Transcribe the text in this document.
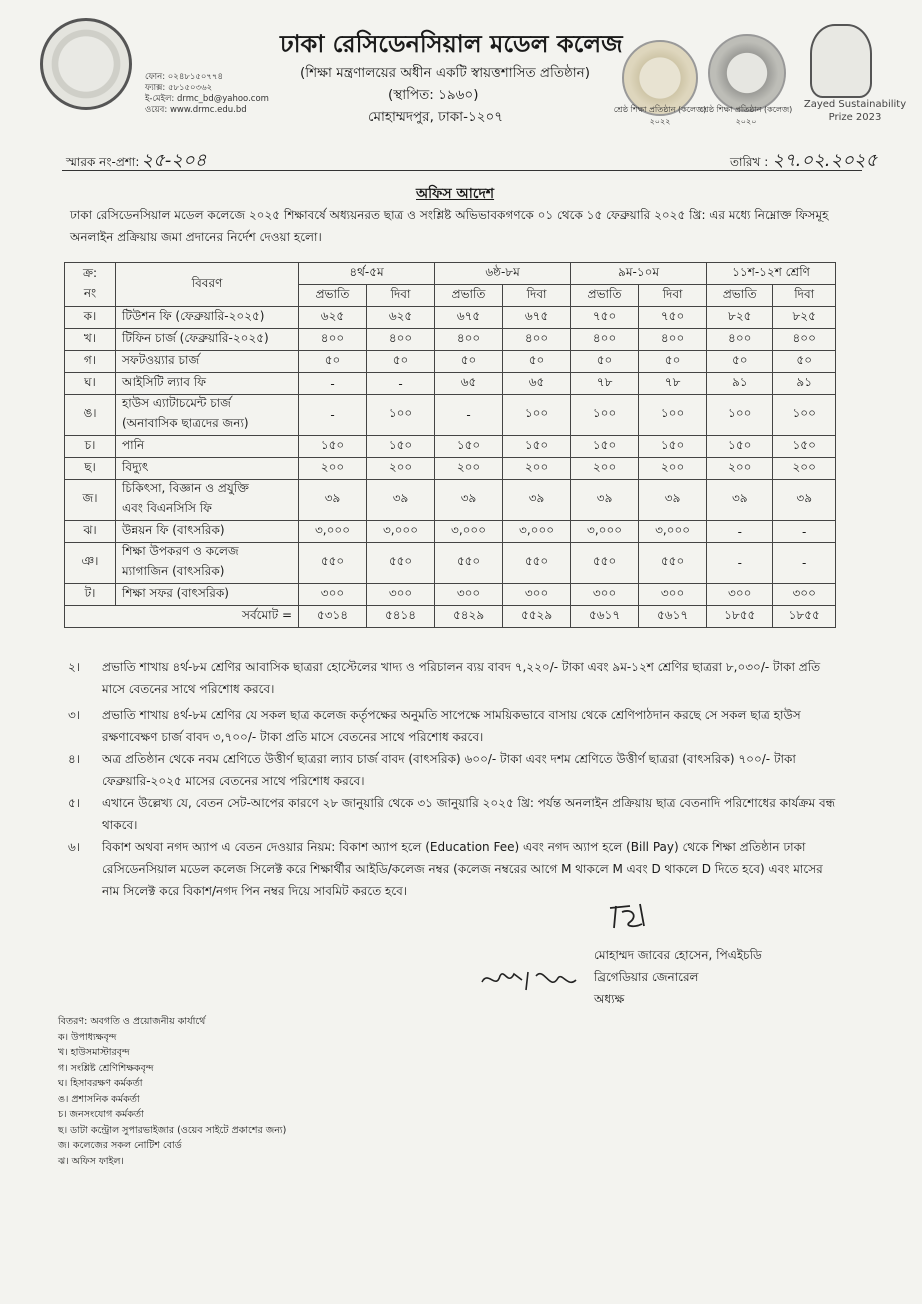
ফোন: ০২৪৮১৫০৭৭৪
ফ্যাক্স: ৫৮১৫০৩৬২
ই-মেইল: drmc_bd@yahoo.com
ওয়েব: www.drmc.edu.bd
ঢাকা রেসিডেনসিয়াল মডেল কলেজ
(শিক্ষা মন্ত্রণালয়ের অধীন একটি স্বায়ত্তশাসিত প্রতিষ্ঠান)
(স্থাপিত: ১৯৬০)
মোহাম্মদপুর, ঢাকা-১২০৭	শ্রেষ্ঠ শিক্ষা প্রতিষ্ঠান (কলেজ)
২০২২
শ্রেষ্ঠ শিক্ষা প্রতিষ্ঠান (কলেজ)
২০২০
Zayed Sustainability
Prize 2023
স্মারক নং-প্রশা: ২৫-২০৪	তারিখ : ২৭.০২.২০২৫
অফিস আদেশ
ঢাকা রেসিডেনসিয়াল মডেল কলেজে ২০২৫ শিক্ষাবর্ষে অধ্যয়নরত ছাত্র ও সংশ্লিষ্ট অভিভাবকগণকে ০১ থেকে ১৫ ফেব্রুয়ারি ২০২৫ খ্রি: এর মধ্যে নিম্নোক্ত ফিসমূহ অনলাইন প্রক্রিয়ায় জমা প্রদানের নির্দেশ দেওয়া হলো।
ক্র:
নং	বিবরণ	৪র্থ-৫ম		৬ষ্ঠ-৮ম		৯ম-১০ম		১১শ-১২শ শ্রেণি	
		প্রভাতি	দিবা	প্রভাতি	দিবা	প্রভাতি	দিবা	প্রভাতি	দিবা
ক।	টিউশন ফি (ফেব্রুয়ারি-২০২৫)	৬২৫	৬২৫	৬৭৫	৬৭৫	৭৫০	৭৫০	৮২৫	৮২৫
খ।	টিফিন চার্জ (ফেব্রুয়ারি-২০২৫)	৪০০	৪০০	৪০০	৪০০	৪০০	৪০০	৪০০	৪০০
গ।	সফটওয়্যার চার্জ	৫০	৫০	৫০	৫০	৫০	৫০	৫০	৫০
ঘ।	আইসিটি ল্যাব ফি	-	-	৬৫	৬৫	৭৮	৭৮	৯১	৯১
ঙ।	হাউস এ্যাটাচমেন্ট চার্জ
(অনাবাসিক ছাত্রদের জন্য)	-	১০০	-	১০০	১০০	১০০	১০০	১০০
চ।	পানি	১৫০	১৫০	১৫০	১৫০	১৫০	১৫০	১৫০	১৫০
ছ।	বিদ্যুৎ	২০০	২০০	২০০	২০০	২০০	২০০	২০০	২০০
জ।	চিকিৎসা, বিজ্ঞান ও প্রযুক্তি
এবং বিএনসিসি ফি	৩৯	৩৯	৩৯	৩৯	৩৯	৩৯	৩৯	৩৯
ঝ।	উন্নয়ন ফি (বাৎসরিক)	৩,০০০	৩,০০০	৩,০০০	৩,০০০	৩,০০০	৩,০০০	-	-
ঞ।	শিক্ষা উপকরণ ও কলেজ
ম্যাগাজিন (বাৎসরিক)	৫৫০	৫৫০	৫৫০	৫৫০	৫৫০	৫৫০	-	-
ট।	শিক্ষা সফর (বাৎসরিক)	৩০০	৩০০	৩০০	৩০০	৩০০	৩০০	৩০০	৩০০
সর্বমোট =		৫৩১৪	৫৪১৪	৫৪২৯	৫৫২৯	৫৬১৭	৫৬১৭	১৮৫৫	১৮৫৫
২।	প্রভাতি শাখায় ৪র্থ-৮ম শ্রেণির আবাসিক ছাত্ররা হোস্টেলের খাদ্য ও পরিচালন ব্যয় বাবদ ৭,২২০/- টাকা এবং ৯ম-১২শ শ্রেণির ছাত্ররা ৮,০৩০/- টাকা প্রতি মাসে বেতনের সাথে পরিশোধ করবে।
৩।	প্রভাতি শাখায় ৪র্থ-৮ম শ্রেণির যে সকল ছাত্র কলেজ কর্তৃপক্ষের অনুমতি সাপেক্ষে সাময়িকভাবে বাসায় থেকে শ্রেণিপাঠদান করছে সে সকল ছাত্র হাউস রক্ষণাবেক্ষণ চার্জ বাবদ ৩,৭০০/- টাকা প্রতি মাসে বেতনের সাথে পরিশোধ করবে।
৪।	অত্র প্রতিষ্ঠান থেকে নবম শ্রেণিতে উত্তীর্ণ ছাত্ররা ল্যাব চার্জ বাবদ (বাৎসরিক) ৬০০/- টাকা এবং দশম শ্রেণিতে উত্তীর্ণ ছাত্ররা (বাৎসরিক) ৭০০/- টাকা ফেব্রুয়ারি-২০২৫ মাসের বেতনের সাথে পরিশোধ করবে।
৫।	এখানে উল্লেখ্য যে, বেতন সেট-আপের কারণে ২৮ জানুয়ারি থেকে ৩১ জানুয়ারি ২০২৫ খ্রি: পর্যন্ত অনলাইন প্রক্রিয়ায় ছাত্র বেতনাদি পরিশোধের কার্যক্রম বন্ধ থাকবে।
৬।	বিকাশ অথবা নগদ অ্যাপ এ বেতন দেওয়ার নিয়ম: বিকাশ অ্যাপ হলে (Education Fee) এবং নগদ অ্যাপ হলে (Bill Pay) থেকে শিক্ষা প্রতিষ্ঠান ঢাকা রেসিডেনসিয়াল মডেল কলেজ সিলেক্ট করে শিক্ষার্থীর আইডি/কলেজ নম্বর (কলেজ নম্বরের আগে M থাকলে M এবং D থাকলে D দিতে হবে) এবং মাসের নাম সিলেক্ট করে বিকাশ/নগদ পিন নম্বর দিয়ে সাবমিট করতে হবে।
মোহাম্মদ জাবের হোসেন, পিএইচডি
ব্রিগেডিয়ার জেনারেল
অধ্যক্ষ
বিতরণ: অবগতি ও প্রয়োজনীয় কার্যার্থে
ক। উপাধ্যক্ষবৃন্দ
খ। হাউসমাস্টারবৃন্দ
গ। সংশ্লিষ্ট শ্রেণিশিক্ষকবৃন্দ
ঘ। হিসাবরক্ষণ কর্মকর্তা
ঙ। প্রশাসনিক কর্মকর্তা
চ। জনসংযোগ কর্মকর্তা
ছ। ডাটা কন্ট্রোল সুপারভাইজার (ওয়েব সাইটে প্রকাশের জন্য)
জ। কলেজের সকল নোটিশ বোর্ড
ঝ। অফিস ফাইল।
